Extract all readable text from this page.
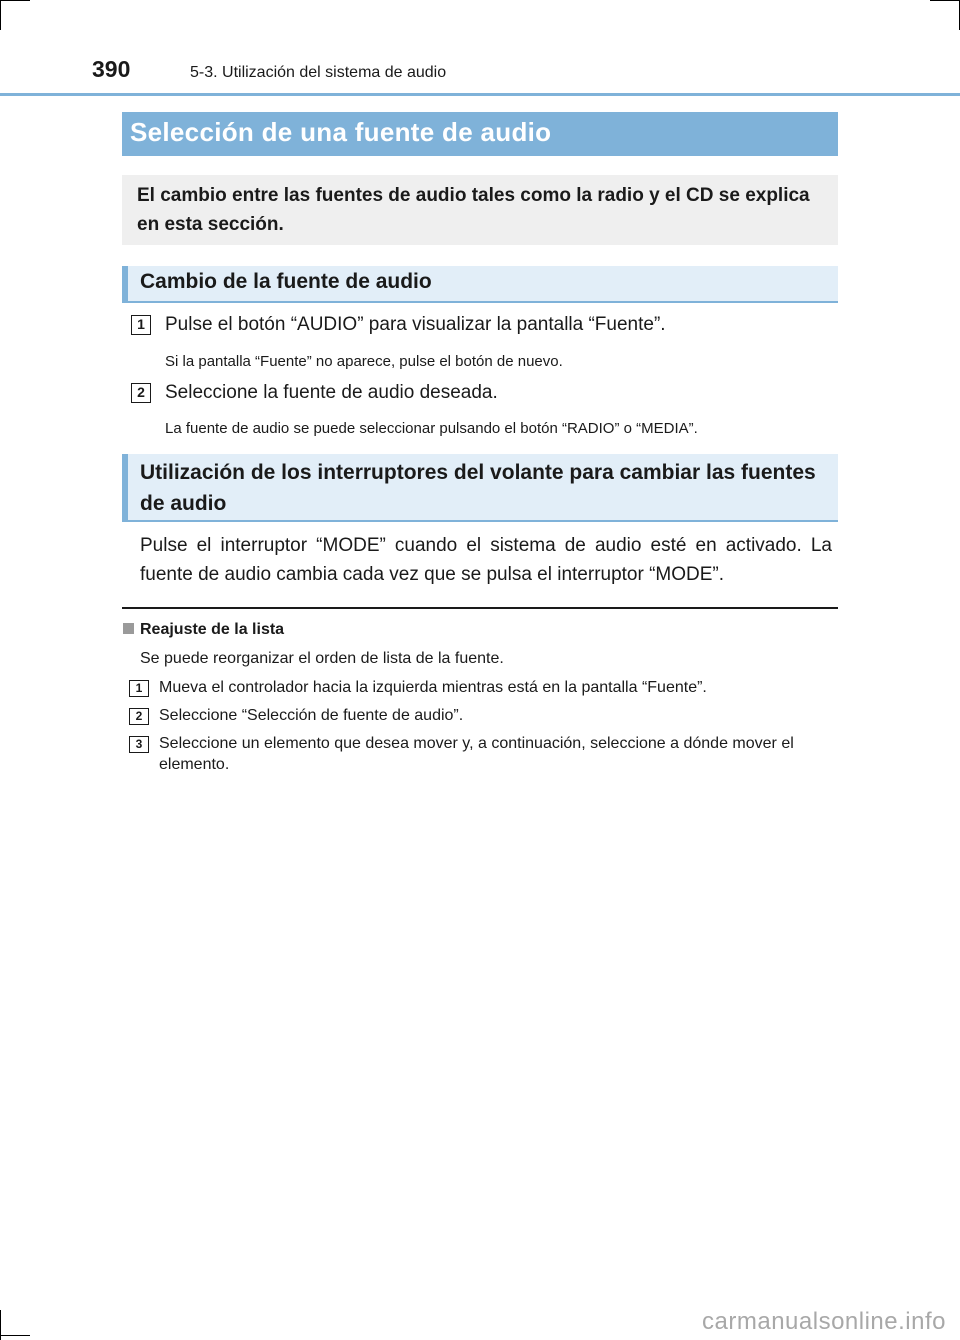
390	5-3. Utilización del sistema de audio
Selección de una fuente de audio
El cambio entre las fuentes de audio tales como la radio y el CD se explica en esta sección.
Cambio de la fuente de audio
1	Pulse el botón “AUDIO” para visualizar la pantalla “Fuente”.
Si la pantalla “Fuente” no aparece, pulse el botón de nuevo.
2	Seleccione la fuente de audio deseada.
La fuente de audio se puede seleccionar pulsando el botón “RADIO” o “MEDIA”.
Utilización de los interruptores del volante para cambiar las fuentes de audio
Pulse el interruptor “MODE” cuando el sistema de audio esté en activado. La fuente de audio cambia cada vez que se pulsa el interruptor “MODE”.
Reajuste de la lista
Se puede reorganizar el orden de lista de la fuente.
1	Mueva el controlador hacia la izquierda mientras está en la pantalla “Fuente”.
2	Seleccione “Selección de fuente de audio”.
3	Seleccione un elemento que desea mover y, a continuación, seleccione a dónde mover el elemento.
carmanualsonline.info
